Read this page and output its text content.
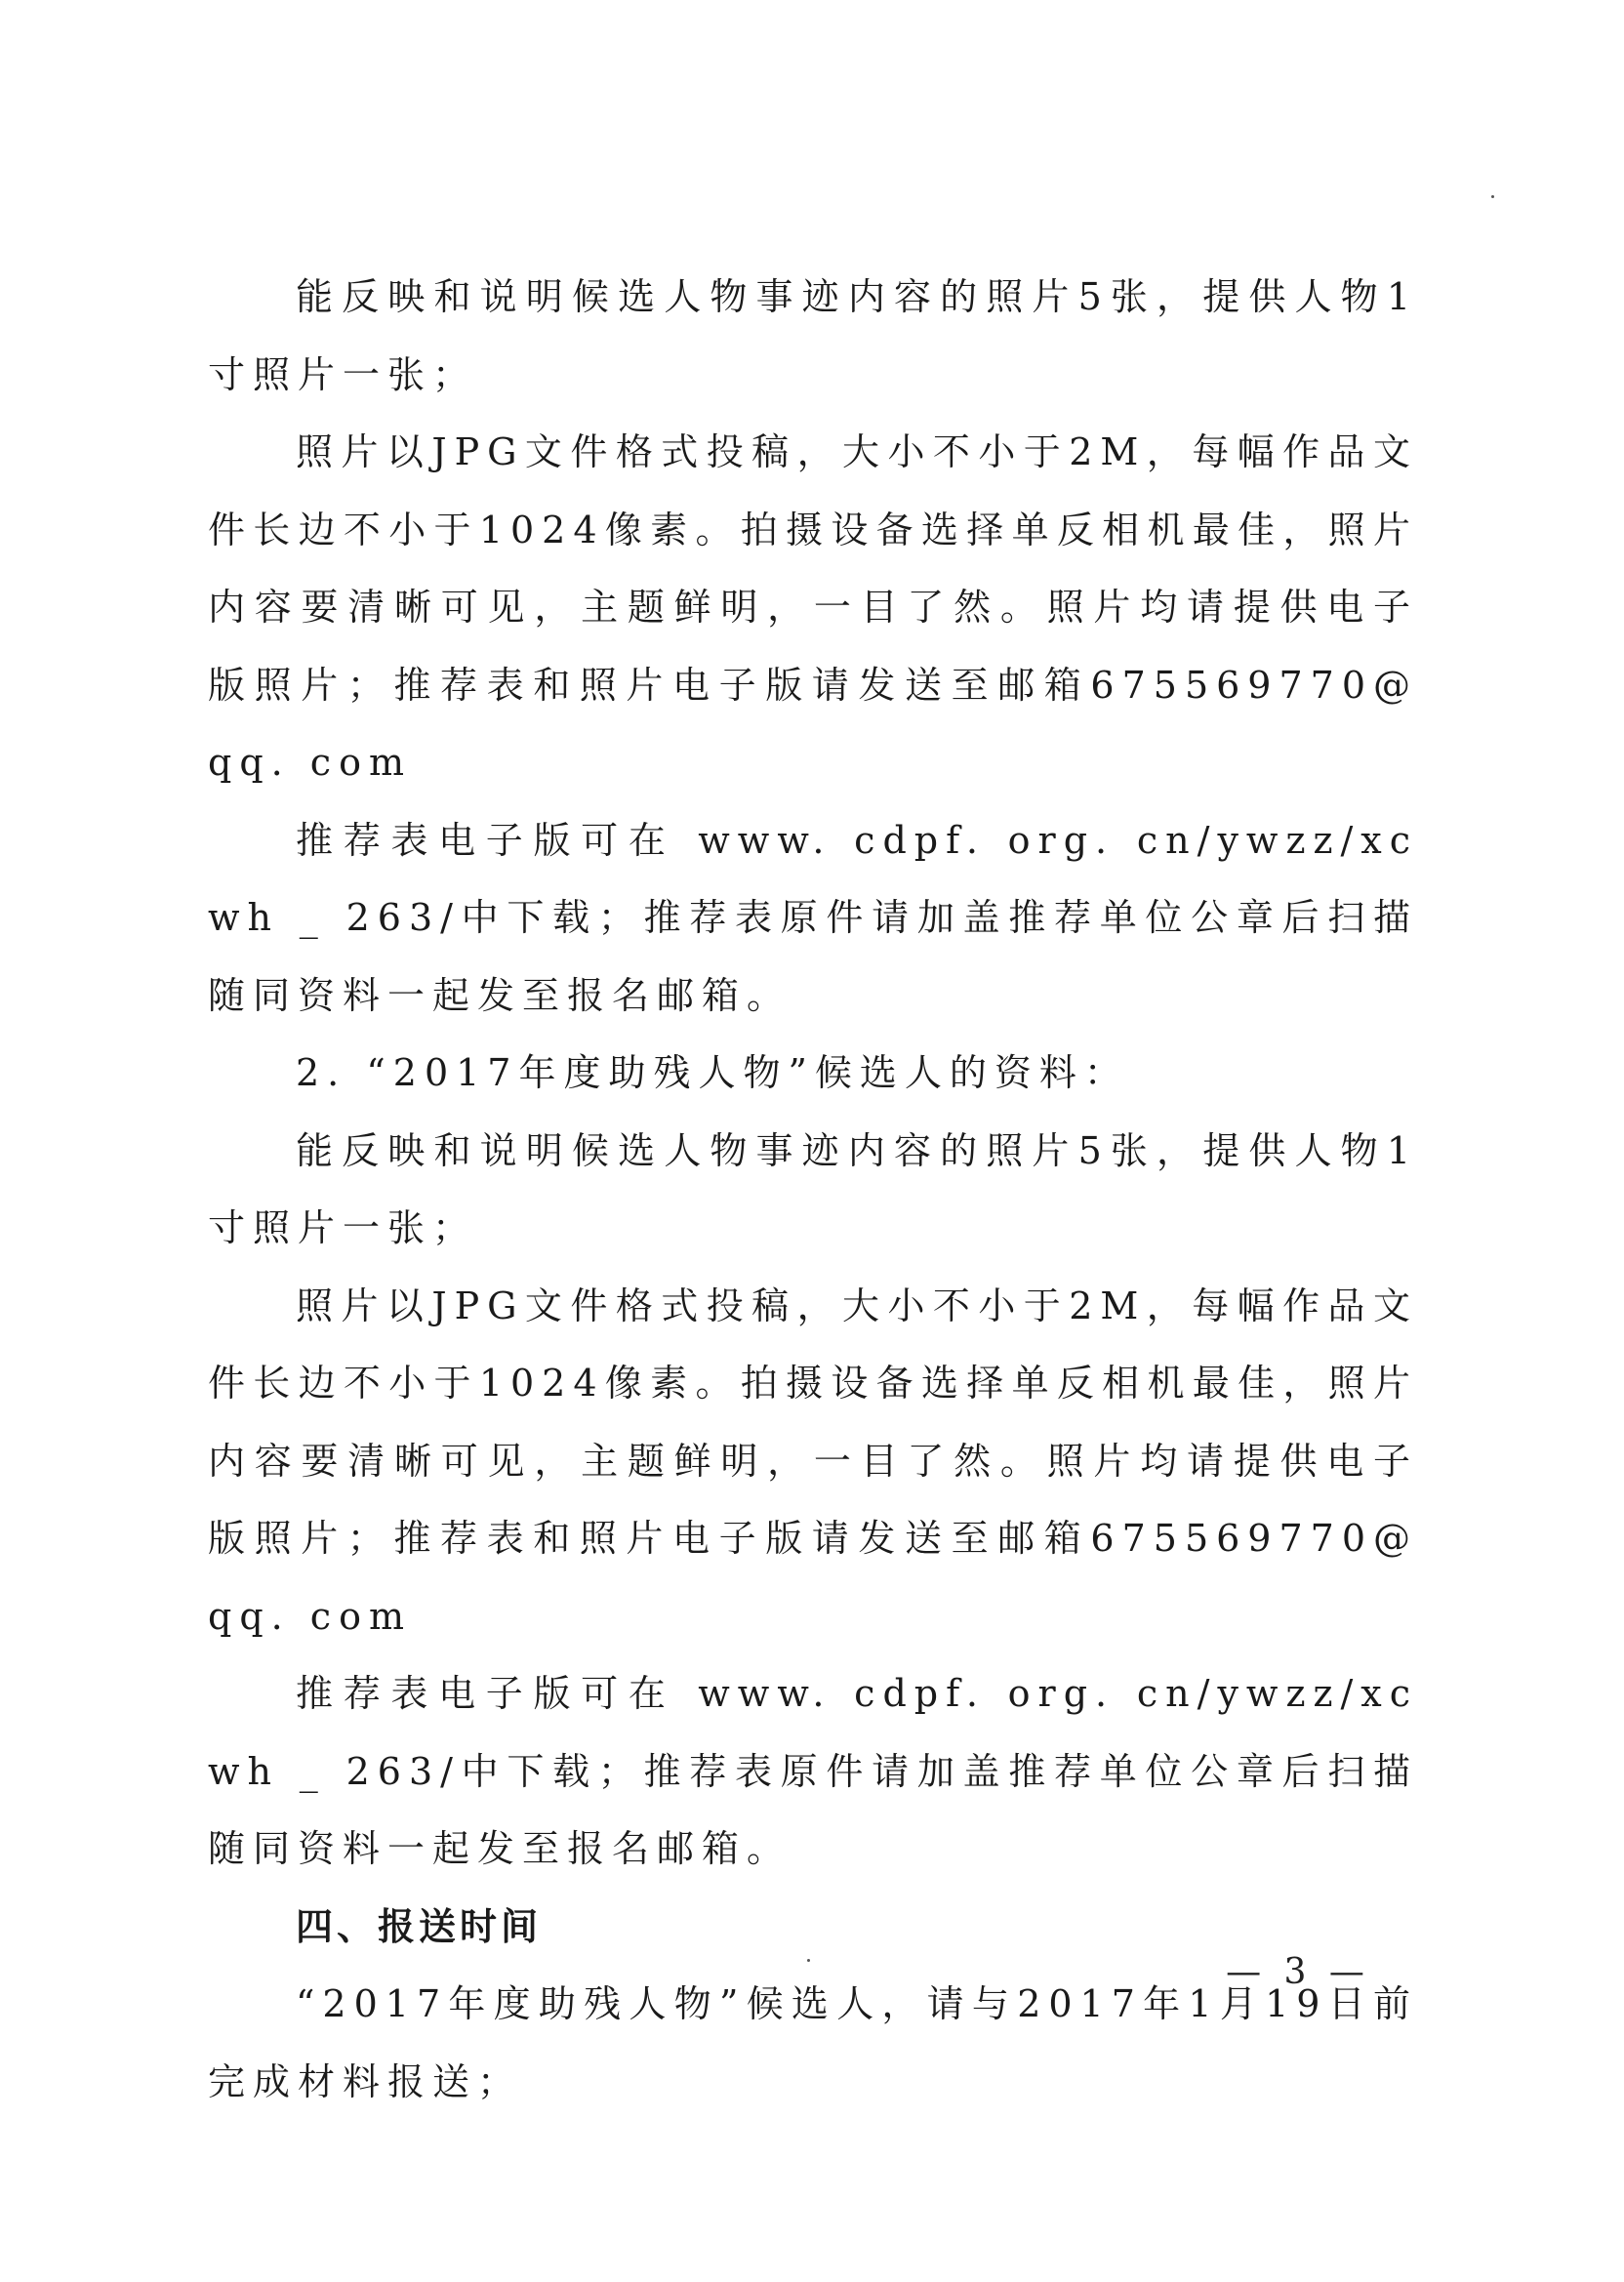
能反映和说明候选人物事迹内容的照片5张，提供人物1寸照片一张；

照片以JPG文件格式投稿，大小不小于2M，每幅作品文件长边不小于1024像素。拍摄设备选择单反相机最佳，照片内容要清晰可见，主题鲜明，一目了然。照片均请提供电子版照片；推荐表和照片电子版请发送至邮箱675569770@qq. com

推荐表电子版可在 www. cdpf. org. cn/ywzz/xcwh _ 263/中下载；推荐表原件请加盖推荐单位公章后扫描随同资料一起发至报名邮箱。

2. “2017年度助残人物”候选人的资料：

能反映和说明候选人物事迹内容的照片5张，提供人物1寸照片一张；

照片以JPG文件格式投稿，大小不小于2M，每幅作品文件长边不小于1024像素。拍摄设备选择单反相机最佳，照片内容要清晰可见，主题鲜明，一目了然。照片均请提供电子版照片；推荐表和照片电子版请发送至邮箱675569770@qq. com

推荐表电子版可在 www. cdpf. org. cn/ywzz/xcwh _ 263/中下载；推荐表原件请加盖推荐单位公章后扫描随同资料一起发至报名邮箱。

四、报送时间

“2017年度助残人物”候选人，请与2017年1月19日前完成材料报送；

— 3 —
